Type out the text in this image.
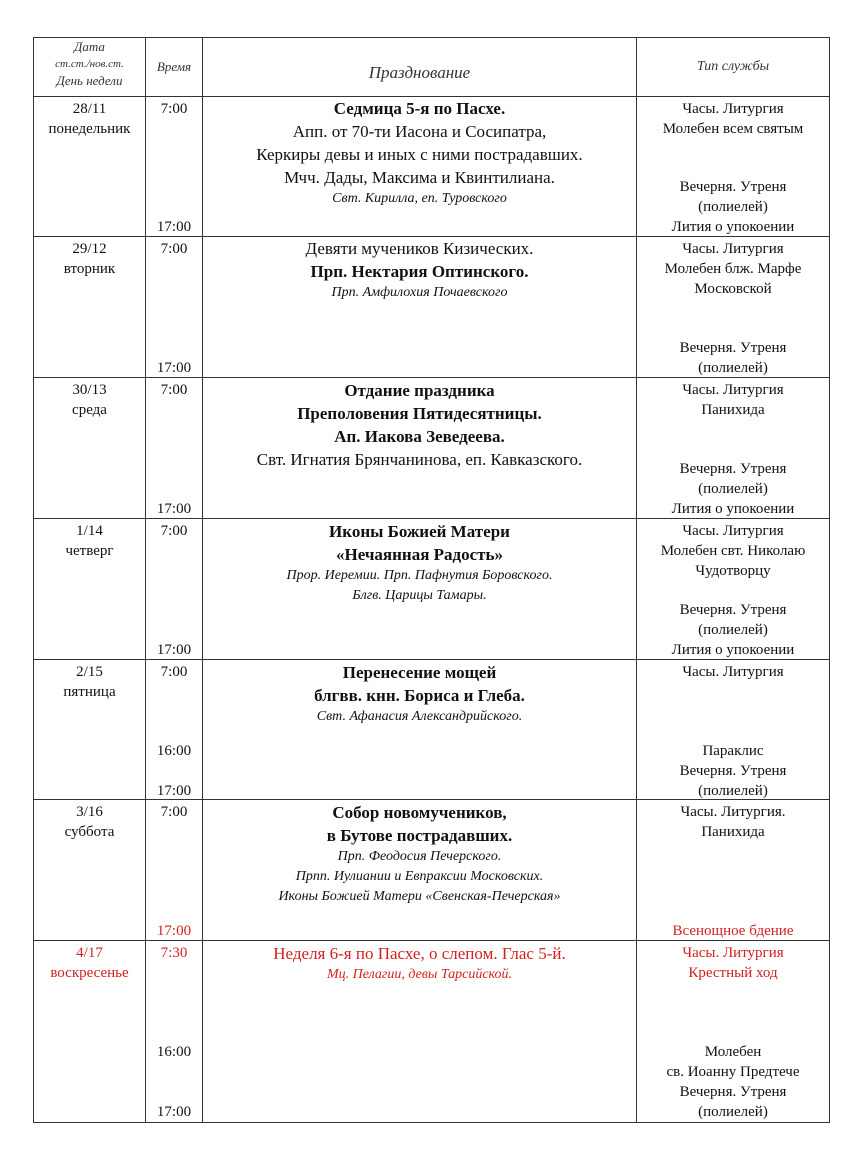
Дата
ст.ст./нов.ст.
День недели
Время	Празднование	Тип службы
28/11
понедельник
7:00
17:00
Седмица 5-я по Пасхе.
Апп. от 70-ти Иасона и Сосипатра,
Керкиры девы и иных с ними пострадавших.
Мчч. Дады, Максима и Квинтилиана.
Свт. Кирилла, еп. Туровского
Часы. Литургия
Молебен всем святым
Вечерня. Утреня
(полиелей)
Лития о упокоении
29/12
вторник
7:00
17:00
Девяти мучеников Кизических.
Прп. Нектария Оптинского.
Прп. Амфилохия Почаевского
Часы. Литургия
Молебен блж. Марфе
Московской
Вечерня. Утреня
(полиелей)
30/13
среда
7:00
17:00
Отдание праздника
Преполовения Пятидесятницы.
Ап. Иакова Зеведеева.
Свт. Игнатия Брянчанинова, еп. Кавказского.
Часы. Литургия
Панихида
Вечерня. Утреня
(полиелей)
Лития о упокоении
1/14
четверг
7:00
17:00
Иконы Божией Матери
«Нечаянная Радость»
Прор. Иеремии. Прп. Пафнутия Боровского.
Блгв. Царицы Тамары.
Часы. Литургия
Молебен свт. Николаю
Чудотворцу
Вечерня. Утреня
(полиелей)
Лития о упокоении
2/15
пятница
7:00
16:00
17:00
Перенесение мощей
блгвв. кнн. Бориса и Глеба.
Свт. Афанасия Александрийского.
Часы. Литургия
Параклис
Вечерня. Утреня
(полиелей)
3/16
суббота
7:00
17:00
Собор новомучеников,
в Бутове пострадавших.
Прп. Феодосия Печерского.
Прпп. Иулиании и Евпраксии Московских.
Иконы Божией Матери «Свенская-Печерская»
Часы. Литургия.
Панихида
Всенощное бдение
4/17
воскресенье
7:30
16:00
17:00
Неделя 6-я по Пасхе, о слепом. Глас 5-й.
Мц. Пелагии, девы Тарсийской.
Часы. Литургия
Крестный ход
Молебен
св. Иоанну Предтече
Вечерня. Утреня
(полиелей)
